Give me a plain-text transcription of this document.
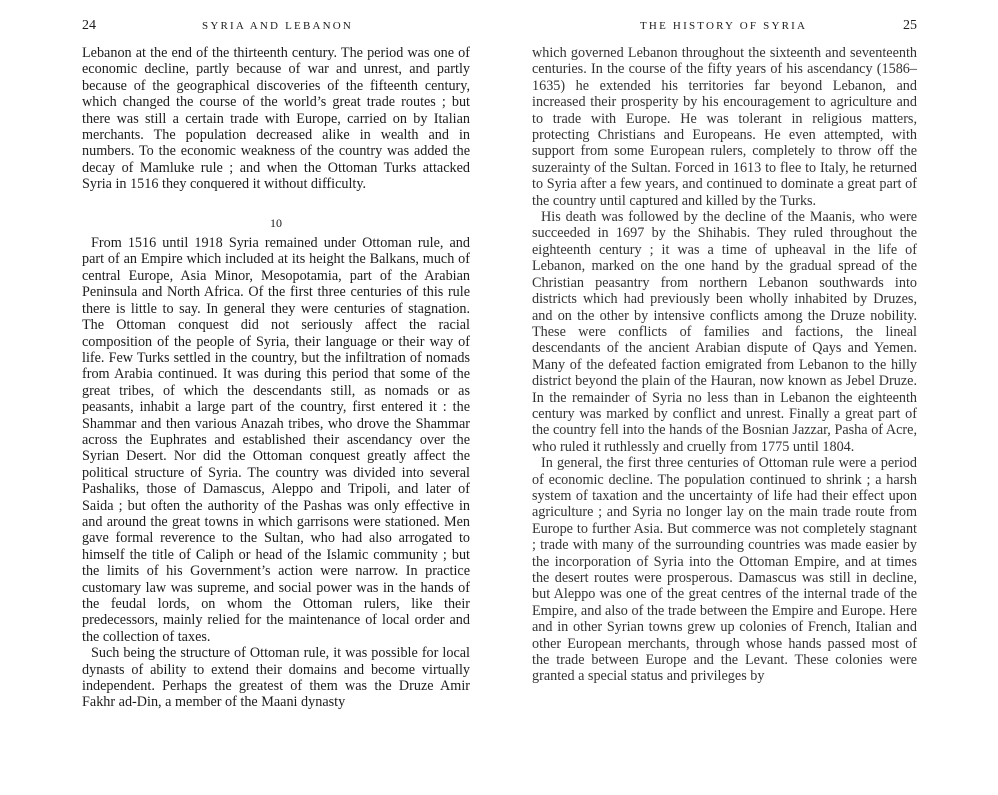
24	SYRIA AND LEBANON	THE HISTORY OF SYRIA	25

Lebanon at the end of the thirteenth century. The period was one of economic decline, partly because of war and unrest, and partly because of the geographical discoveries of the fifteenth century, which changed the course of the world’s great trade routes ; but there was still a certain trade with Europe, carried on by Italian merchants. The population decreased alike in wealth and in numbers. To the economic weakness of the country was added the decay of Mamluke rule ; and when the Ottoman Turks attacked Syria in 1516 they conquered it without difficulty.

10

From 1516 until 1918 Syria remained under Ottoman rule, and part of an Empire which included at its height the Balkans, much of central Europe, Asia Minor, Mesopotamia, part of the Arabian Peninsula and North Africa. Of the first three centuries of this rule there is little to say. In general they were centuries of stagnation. The Ottoman conquest did not seriously affect the racial composition of the people of Syria, their language or their way of life. Few Turks settled in the country, but the infiltration of nomads from Arabia continued. It was during this period that some of the great tribes, of which the descendants still, as nomads or as peasants, inhabit a large part of the country, first entered it : the Shammar and then various Anazah tribes, who drove the Shammar across the Euphrates and established their ascendancy over the Syrian Desert. Nor did the Ottoman conquest greatly affect the political structure of Syria. The country was divided into several Pashaliks, those of Damascus, Aleppo and Tripoli, and later of Saida ; but often the authority of the Pashas was only effective in and around the great towns in which garrisons were stationed. Men gave formal reverence to the Sultan, who had also arrogated to himself the title of Caliph or head of the Islamic community ; but the limits of his Government’s action were narrow. In practice customary law was supreme, and social power was in the hands of the feudal lords, on whom the Ottoman rulers, like their predecessors, mainly relied for the maintenance of local order and the collection of taxes.

Such being the structure of Ottoman rule, it was possible for local dynasts of ability to extend their domains and become virtually independent. Perhaps the greatest of them was the Druze Amir Fakhr ad-Din, a member of the Maani dynasty

which governed Lebanon throughout the sixteenth and seventeenth centuries. In the course of the fifty years of his ascendancy (1586–1635) he extended his territories far beyond Lebanon, and increased their prosperity by his encouragement to agriculture and to trade with Europe. He was tolerant in religious matters, protecting Christians and Europeans. He even attempted, with support from some European rulers, completely to throw off the suzerainty of the Sultan. Forced in 1613 to flee to Italy, he returned to Syria after a few years, and continued to dominate a great part of the country until captured and killed by the Turks.

His death was followed by the decline of the Maanis, who were succeeded in 1697 by the Shihabis. They ruled throughout the eighteenth century ; it was a time of upheaval in the life of Lebanon, marked on the one hand by the gradual spread of the Christian peasantry from northern Lebanon southwards into districts which had previously been wholly inhabited by Druzes, and on the other by intensive conflicts among the Druze nobility. These were conflicts of families and factions, the lineal descendants of the ancient Arabian dispute of Qays and Yemen. Many of the defeated faction emigrated from Lebanon to the hilly district beyond the plain of the Hauran, now known as Jebel Druze. In the remainder of Syria no less than in Lebanon the eighteenth century was marked by conflict and unrest. Finally a great part of the country fell into the hands of the Bosnian Jazzar, Pasha of Acre, who ruled it ruthlessly and cruelly from 1775 until 1804.

In general, the first three centuries of Ottoman rule were a period of economic decline. The population continued to shrink ; a harsh system of taxation and the uncertainty of life had their effect upon agriculture ; and Syria no longer lay on the main trade route from Europe to further Asia. But commerce was not completely stagnant ; trade with many of the surrounding countries was made easier by the incorporation of Syria into the Ottoman Empire, and at times the desert routes were prosperous. Damascus was still in decline, but Aleppo was one of the great centres of the internal trade of the Empire, and also of the trade between the Empire and Europe. Here and in other Syrian towns grew up colonies of French, Italian and other European merchants, through whose hands passed most of the trade between Europe and the Levant. These colonies were granted a special status and privileges by
